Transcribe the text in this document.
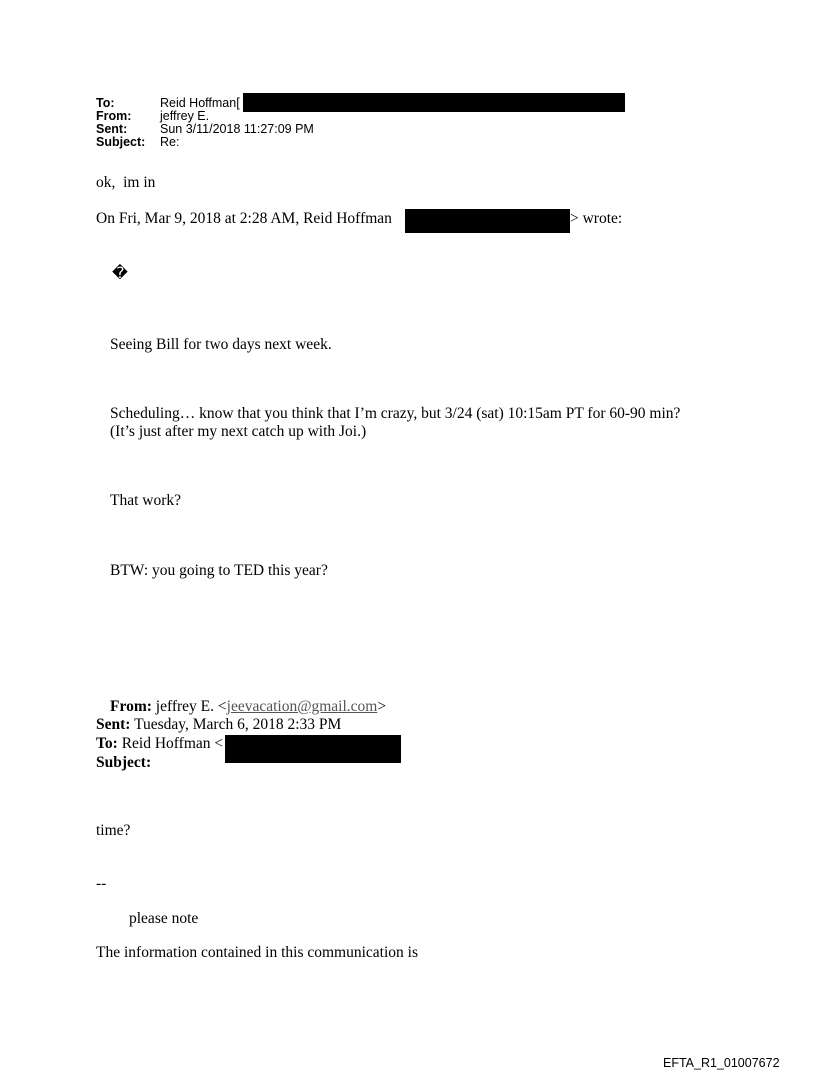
To:	Reid Hoffman[
From: jeffrey E.
Sent:	Sun 3/11/2018 11:27:09 PM
Subject: Re:
ok,  im in
On Fri, Mar 9, 2018 at 2:28 AM, Reid Hoffman	> wrote:
�
Seeing Bill for two days next week.
Scheduling… know that you think that I’m crazy, but 3/24 (sat) 10:15am PT for 60-90 min?
(It’s just after my next catch up with Joi.)
That work?
BTW: you going to TED this year?
From: jeffrey E. <jeevacation@gmail.com>
Sent: Tuesday, March 6, 2018 2:33 PM
To: Reid Hoffman <
Subject:
time?
--
please note
The information contained in this communication is
EFTA_R1_01007672
